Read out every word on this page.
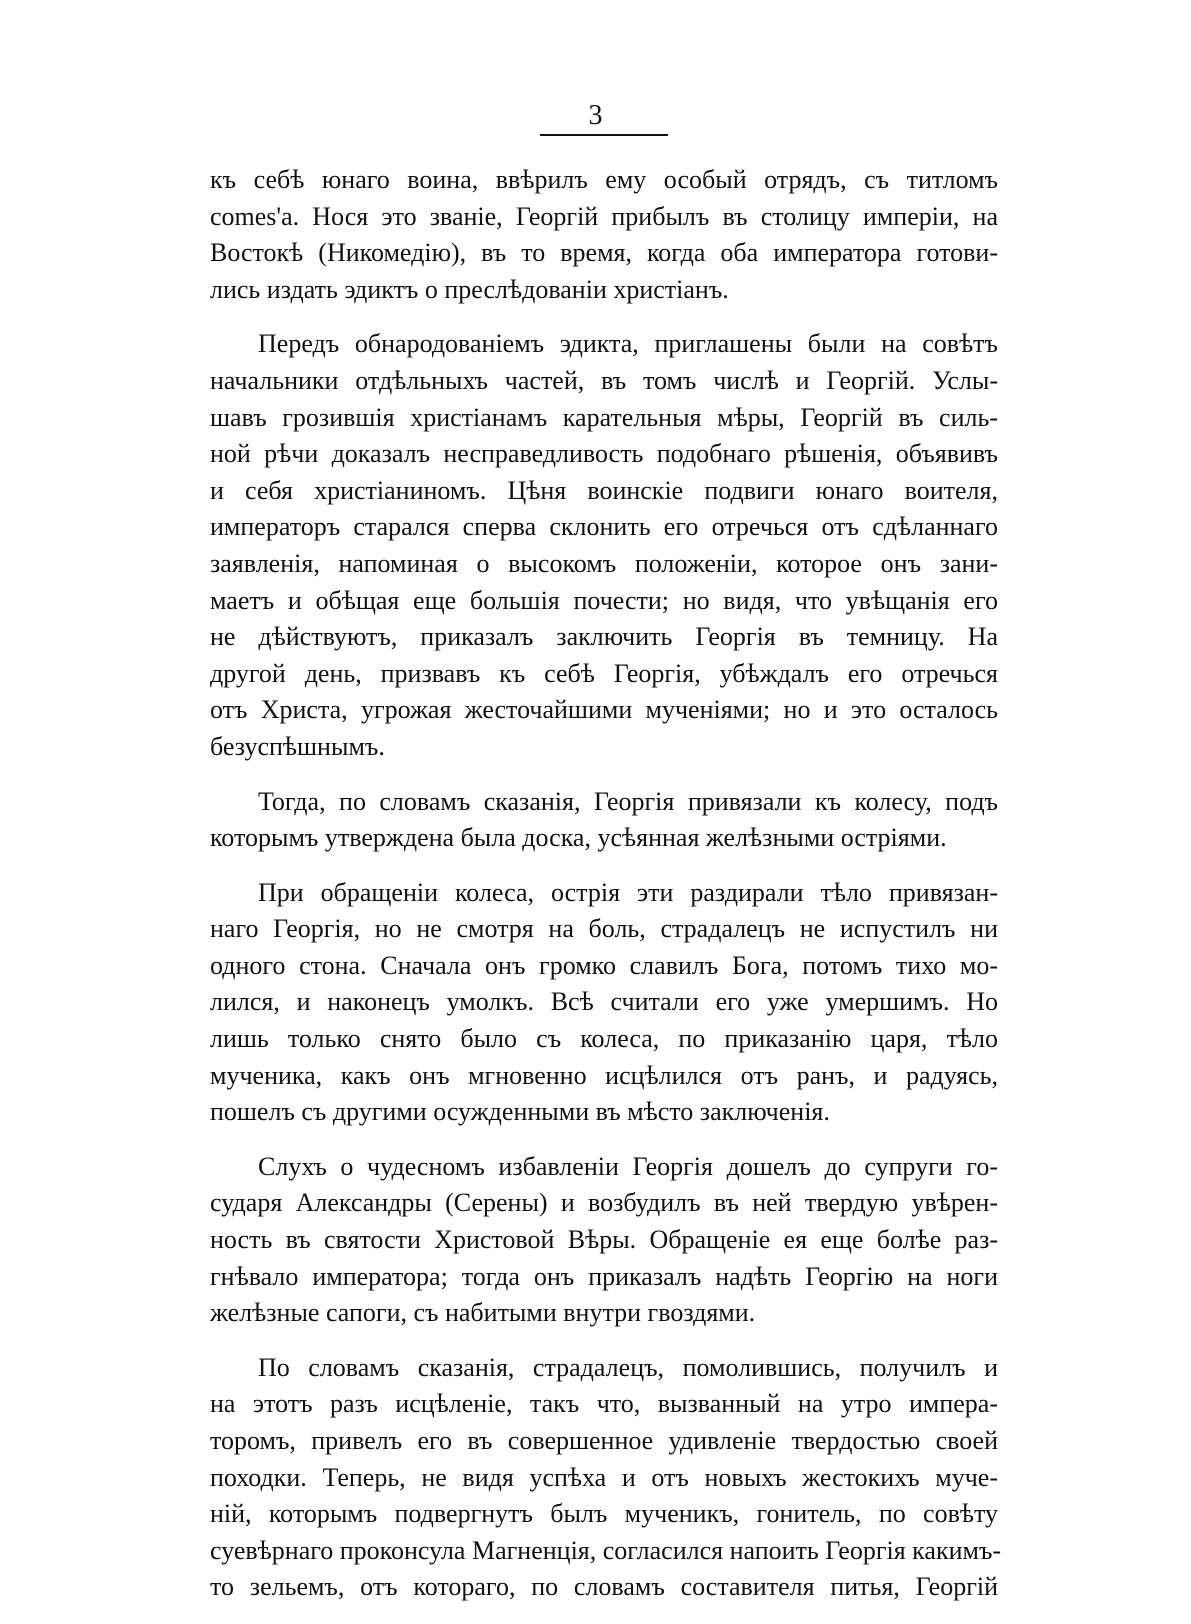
3
къ себѣ юнаго воина, ввѣрилъ ему особый отрядъ, съ титломъ
comes'a. Нося это званіе, Георгій прибылъ въ столицу имперіи, на
Востокѣ (Никомедію), въ то время, когда оба императора готови-
лись издать эдиктъ о преслѣдованіи христіанъ.
Передъ обнародованіемъ эдикта, приглашены были на совѣтъ
начальники отдѣльныхъ частей, въ томъ числѣ и Георгій. Услы-
шавъ грозившія христіанамъ карательныя мѣры, Георгій въ силь-
ной рѣчи доказалъ несправедливость подобнаго рѣшенія, объявивъ
и себя христіаниномъ. Цѣня воинскіе подвиги юнаго воителя,
императоръ старался сперва склонить его отречься отъ сдѣланнаго
заявленія, напоминая о высокомъ положеніи, которое онъ зани-
маетъ и обѣщая еще большія почести; но видя, что увѣщанія его
не дѣйствуютъ, приказалъ заключить Георгія въ темницу. На
другой день, призвавъ къ себѣ Георгія, убѣждалъ его отречься
отъ Христа, угрожая жесточайшими мученіями; но и это осталось
безуспѣшнымъ.
Тогда, по словамъ сказанія, Георгія привязали къ колесу, подъ
которымъ утверждена была доска, усѣянная желѣзными остріями.
При обращеніи колеса, острія эти раздирали тѣло привязан-
наго Георгія, но не смотря на боль, страдалецъ не испустилъ ни
одного стона. Сначала онъ громко славилъ Бога, потомъ тихо мо-
лился, и наконецъ умолкъ. Всѣ считали его уже умершимъ. Но
лишь только снято было съ колеса, по приказанію царя, тѣло
мученика, какъ онъ мгновенно исцѣлился отъ ранъ, и радуясь,
пошелъ съ другими осужденными въ мѣсто заключенія.
Слухъ о чудесномъ избавленіи Георгія дошелъ до супруги го-
сударя Александры (Серены) и возбудилъ въ ней твердую увѣрен-
ность въ святости Христовой Вѣры. Обращеніе ея еще болѣе раз-
гнѣвало императора; тогда онъ приказалъ надѣть Георгію на ноги
желѣзные сапоги, съ набитыми внутри гвоздями.
По словамъ сказанія, страдалецъ, помолившись, получилъ и
на этотъ разъ исцѣленіе, такъ что, вызванный на утро импера-
торомъ, привелъ его въ совершенное удивленіе твердостью своей
походки. Теперь, не видя успѣха и отъ новыхъ жестокихъ муче-
ній, которымъ подвергнутъ былъ мученикъ, гонитель, по совѣту
суевѣрнаго проконсула Магненція, согласился напоить Георгія какимъ-
то зельемъ, отъ котораго, по словамъ составителя питья, Георгій
